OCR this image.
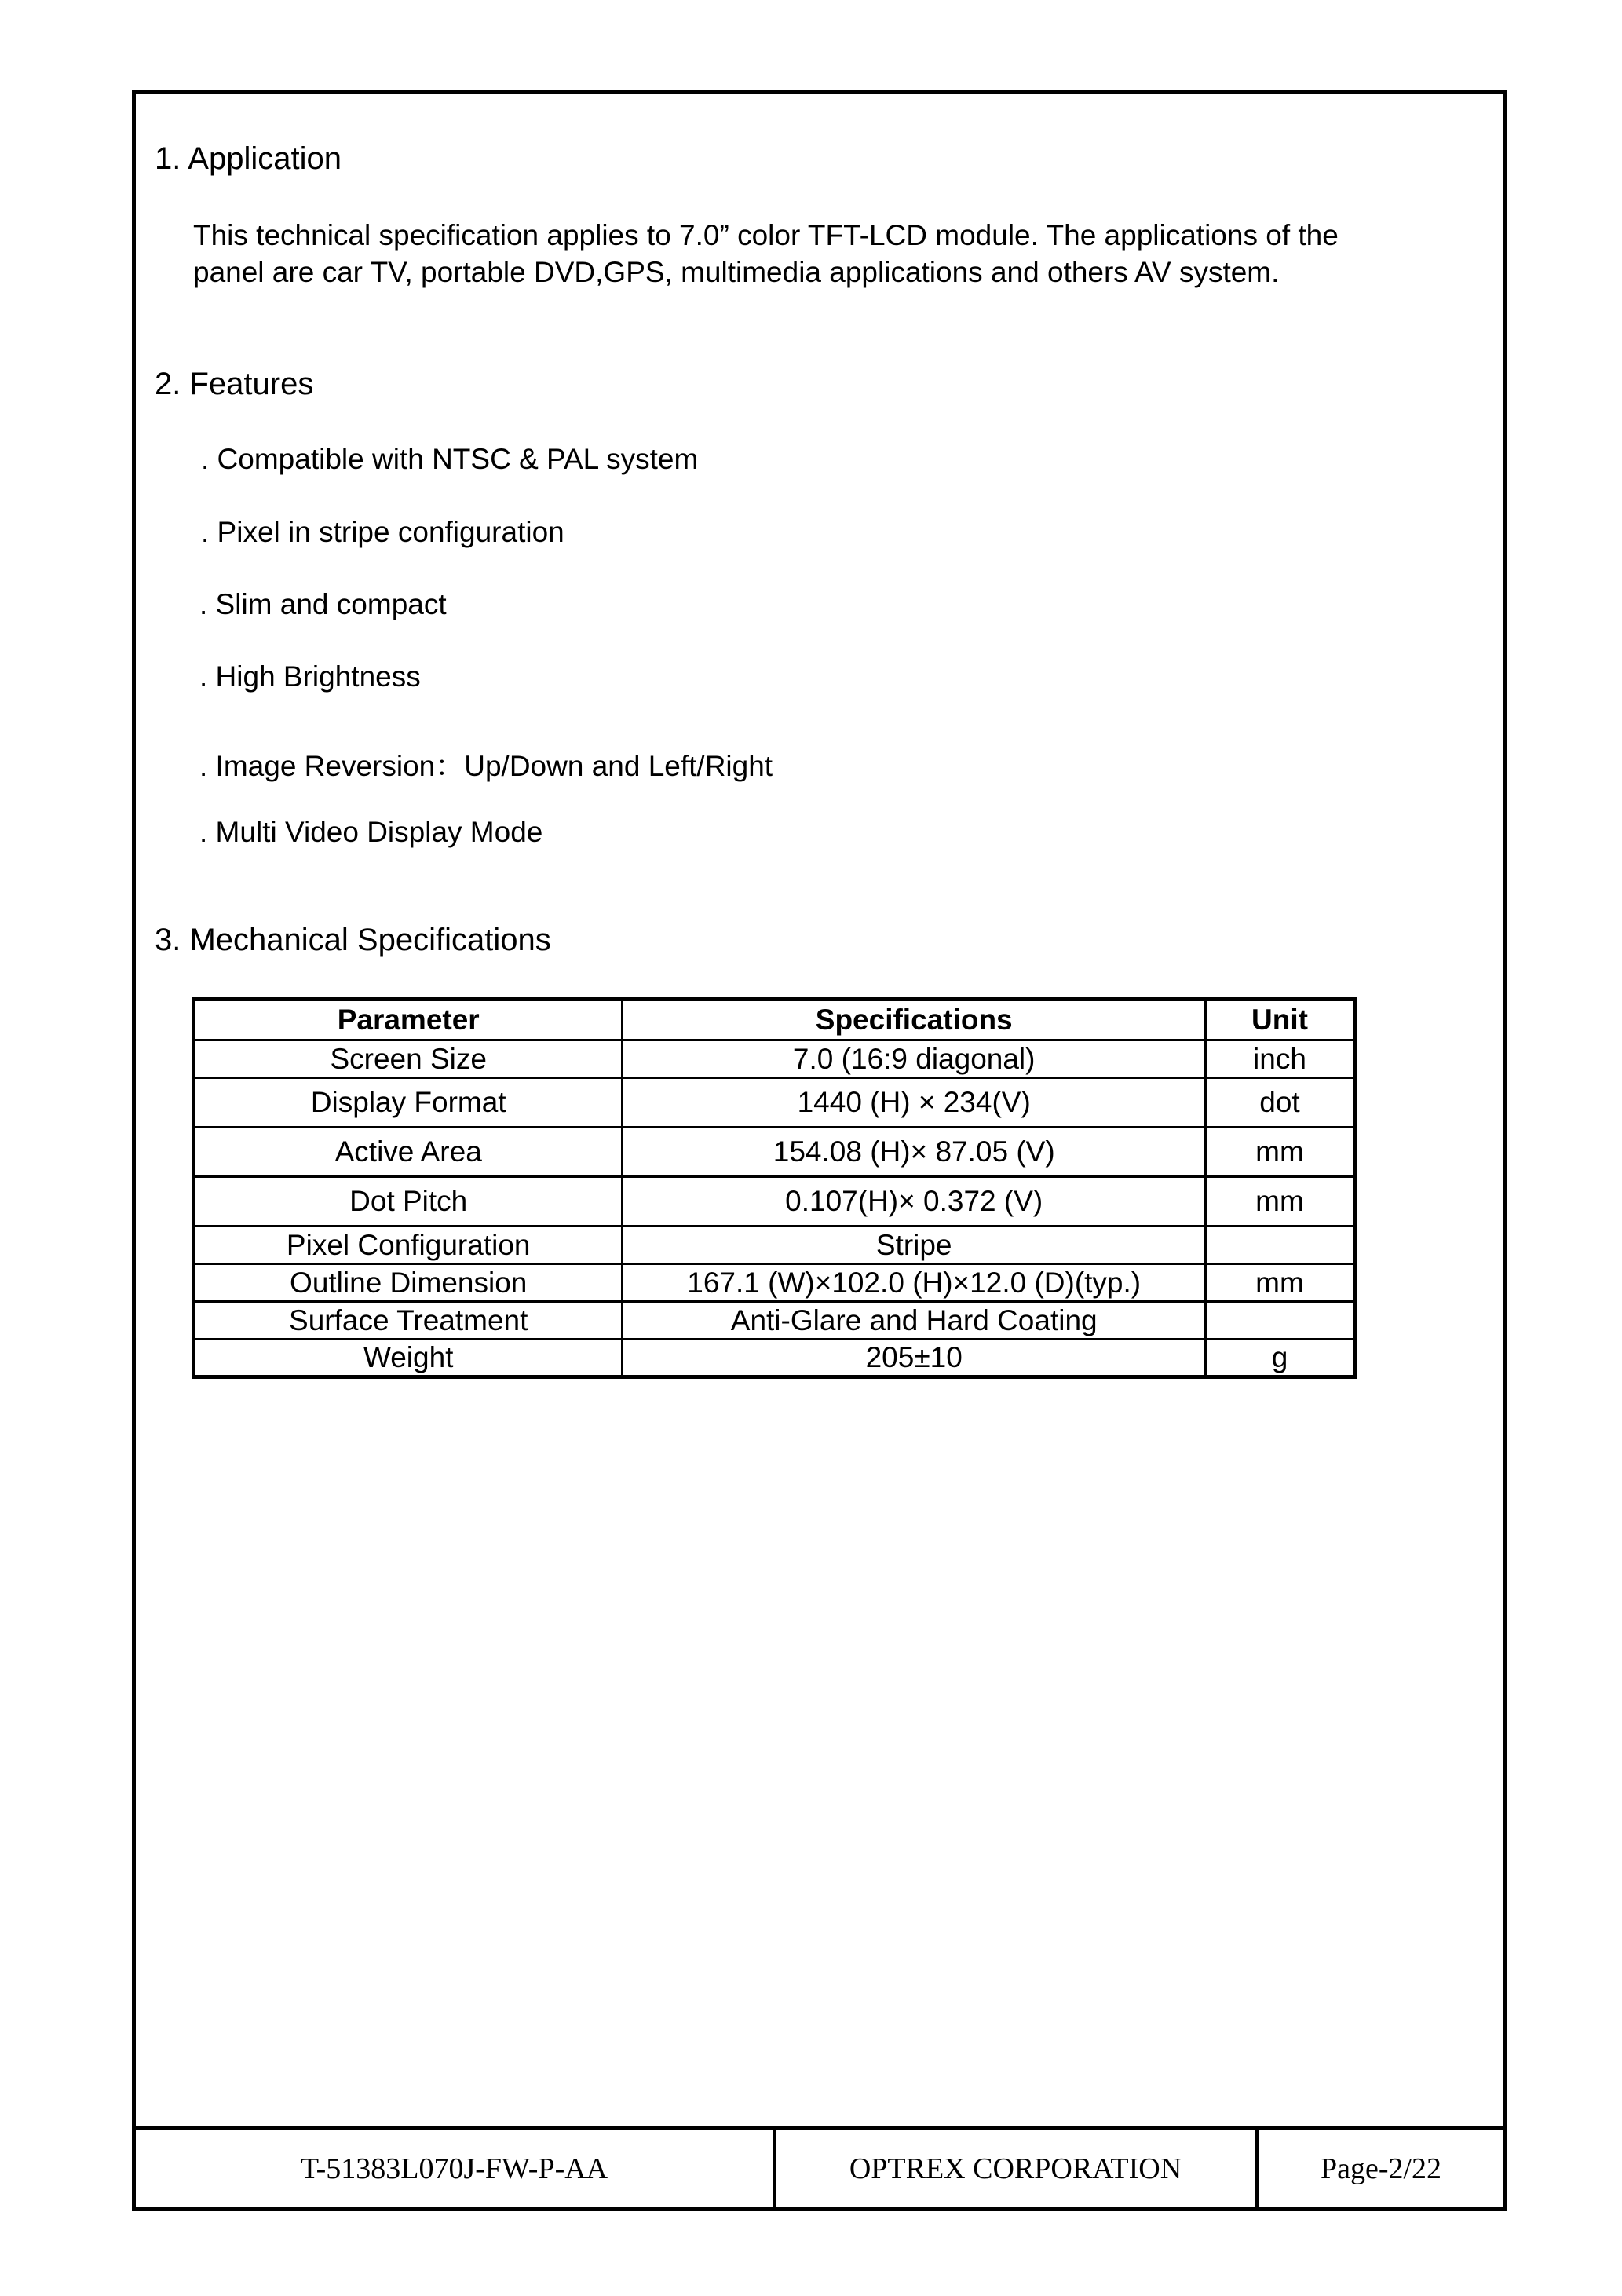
1. Application
This technical specification applies to 7.0” color TFT-LCD module. The applications of the
panel are car TV, portable DVD,GPS, multimedia applications and others AV system.
2. Features
. Compatible with NTSC & PAL system
. Pixel in stripe configuration
. Slim and compact
. High Brightness
. Image Reversion：Up/Down and Left/Right
. Multi Video Display Mode
3. Mechanical Specifications
Parameter	Specifications	Unit
Screen Size	7.0 (16:9 diagonal)	inch
Display Format	1440 (H) × 234(V)	dot
Active Area	154.08 (H)× 87.05 (V)	mm
Dot Pitch	0.107(H)× 0.372 (V)	mm
Pixel Configuration	Stripe	
Outline Dimension	167.1 (W)×102.0 (H)×12.0 (D)(typ.)	mm
Surface Treatment	Anti-Glare and Hard Coating	
Weight	205±10	g
T-51383L070J-FW-P-AA	OPTREX CORPORATION	Page-2/22
